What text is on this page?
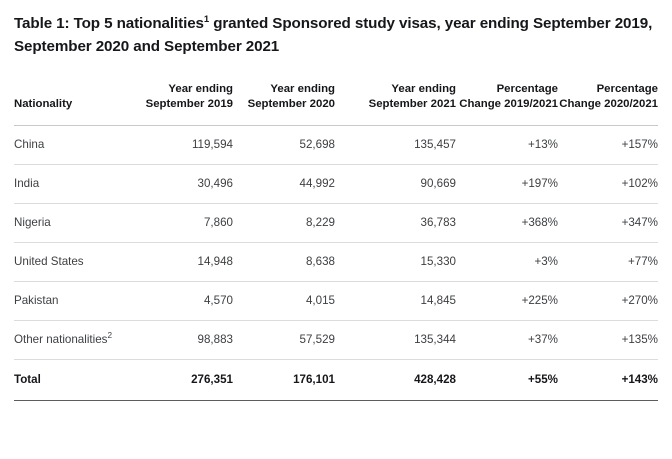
Table 1: Top 5 nationalities$^1$ granted Sponsored study visas, year ending September 2019, September 2020 and September 2021
Nationality	Year ending September 2019	Year ending September 2020	Year ending September 2021	Percentage Change 2019/2021	Percentage Change 2020/2021
China	119,594	52,698	135,457	+13%	+157%
India	30,496	44,992	90,669	+197%	+102%
Nigeria	7,860	8,229	36,783	+368%	+347%
United States	14,948	8,638	15,330	+3%	+77%
Pakistan	4,570	4,015	14,845	+225%	+270%
Other nationalities$^2$	98,883	57,529	135,344	+37%	+135%
Total	276,351	176,101	428,428	+55%	+143%
